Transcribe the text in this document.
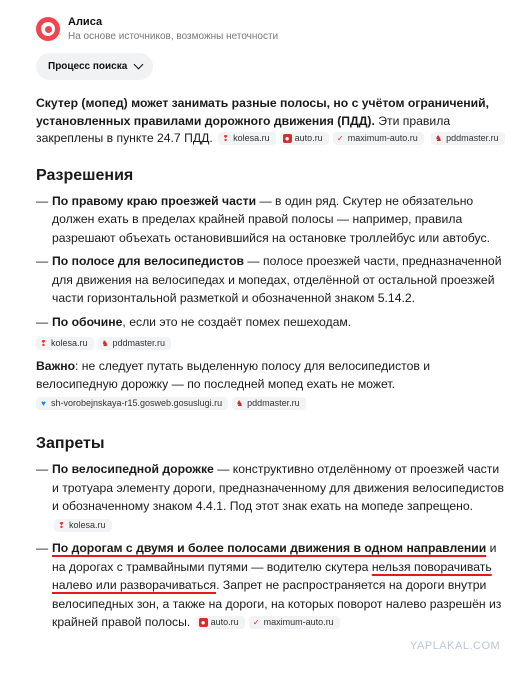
Алиса
На основе источников, возможны неточности
Процесс поиска

Скутер (мопед) может занимать разные полосы, но с учётом ограничений, установленных правилами дорожного движения (ПДД). Эти правила закреплены в пункте 24.7 ПДД. ❢ kolesa.ru ● auto.ru ✓ maximum-auto.ru
♞ pddmaster.ru

Разрешения
— По правому краю проезжей части — в один ряд. Скутер не обязательно должен ехать в пределах крайней правой полосы — например, правила разрешают объехать остановившийся на остановке троллейбус или автобус.
— По полосе для велосипедистов — полосе проезжей части, предназначенной для движения на велосипедах и мопедах, отделённой от остальной проезжей части горизонтальной разметкой и обозначенной знаком 5.14.2.
— По обочине, если это не создаёт помех пешеходам.
❢ kolesa.ru ♞ pddmaster.ru

Важно: не следует путать выделенную полосу для велосипедистов и велосипедную дорожку — по последней мопед ехать не может.

♥ sh-vorobejnskaya-r15.gosweb.gosuslugi.ru ♞ pddmaster.ru
Запреты
— По велосипедной дорожке — конструктивно отделённому от проезжей части и тротуара элементу дороги, предназначенному для движения велосипедистов и обозначенному знаком 4.4.1. Под этот знак ехать на мопеде запрещено.
❢ kolesa.ru
— По дорогам с двумя и более полосами движения в одном направлении и на дорогах с трамвайными путями — водителю скутера нельзя поворачивать налево или разворачиваться. Запрет не распространяется на дороги внутри велосипедных зон, а также на дороги, на которых поворот налево разрешён из крайней правой полосы. ● auto.ru ✓ maximum-auto.ru
YAPLAKAL.COM
